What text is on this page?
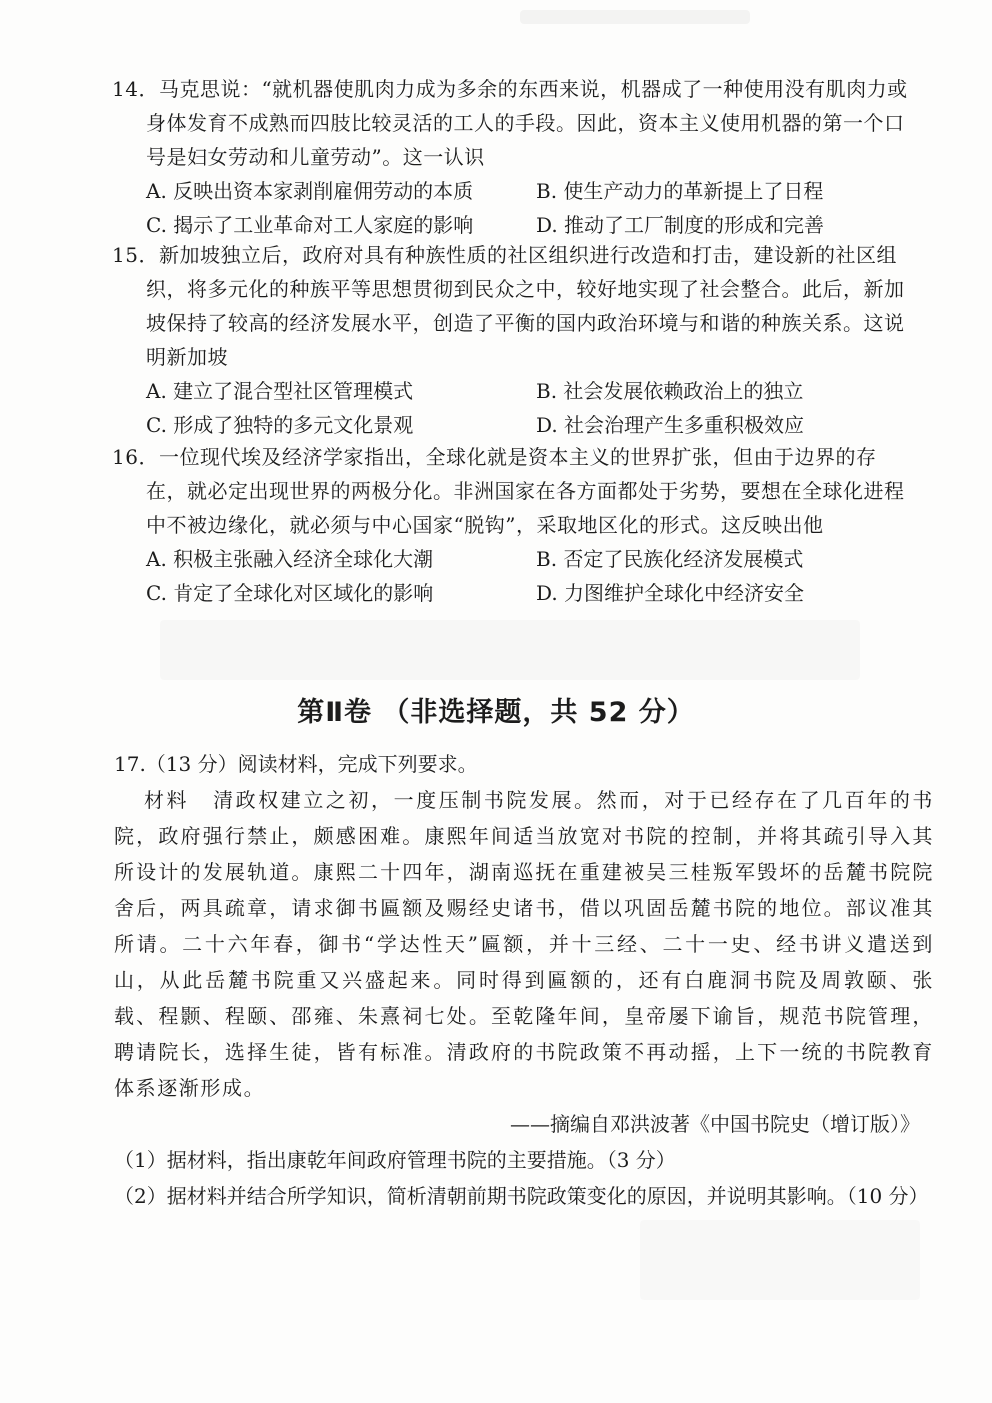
14．马克思说：“就机器使肌肉力成为多余的东西来说，机器成了一种使用没有肌肉力或身体发育不成熟而四肢比较灵活的工人的手段。因此，资本主义使用机器的第一个口号是妇女劳动和儿童劳动”。这一认识

A. 反映出资本家剥削雇佣劳动的本质	B. 使生产动力的革新提上了日程
C. 揭示了工业革命对工人家庭的影响	D. 推动了工厂制度的形成和完善

15．新加坡独立后，政府对具有种族性质的社区组织进行改造和打击，建设新的社区组织，将多元化的种族平等思想贯彻到民众之中，较好地实现了社会整合。此后，新加坡保持了较高的经济发展水平，创造了平衡的国内政治环境与和谐的种族关系。这说明新加坡

A. 建立了混合型社区管理模式	B. 社会发展依赖政治上的独立
C. 形成了独特的多元文化景观	D. 社会治理产生多重积极效应

16．一位现代埃及经济学家指出，全球化就是资本主义的世界扩张，但由于边界的存在，就必定出现世界的两极分化。非洲国家在各方面都处于劣势，要想在全球化进程中不被边缘化，就必须与中心国家“脱钩”，采取地区化的形式。这反映出他

A. 积极主张融入经济全球化大潮	B. 否定了民族化经济发展模式
C. 肯定了全球化对区域化的影响	D. 力图维护全球化中经济安全
第Ⅱ卷 （非选择题，共 52 分）

17.（13 分）阅读材料，完成下列要求。

材料 清政权建立之初，一度压制书院发展。然而，对于已经存在了几百年的书院，政府强行禁止，颇感困难。康熙年间适当放宽对书院的控制，并将其疏引导入其所设计的发展轨道。康熙二十四年，湖南巡抚在重建被吴三桂叛军毁坏的岳麓书院院舍后，两具疏章，请求御书匾额及赐经史诸书，借以巩固岳麓书院的地位。部议准其所请。二十六年春，御书“学达性天”匾额，并十三经、二十一史、经书讲义遣送到山，从此岳麓书院重又兴盛起来。同时得到匾额的，还有白鹿洞书院及周敦颐、张载、程颢、程颐、邵雍、朱熹祠七处。至乾隆年间，皇帝屡下谕旨，规范书院管理，聘请院长，选择生徒，皆有标准。清政府的书院政策不再动摇，上下一统的书院教育体系逐渐形成。

——摘编自邓洪波著《中国书院史（增订版）》

（1）据材料，指出康乾年间政府管理书院的主要措施。（3 分）

（2）据材料并结合所学知识，简析清朝前期书院政策变化的原因，并说明其影响。（10 分）
